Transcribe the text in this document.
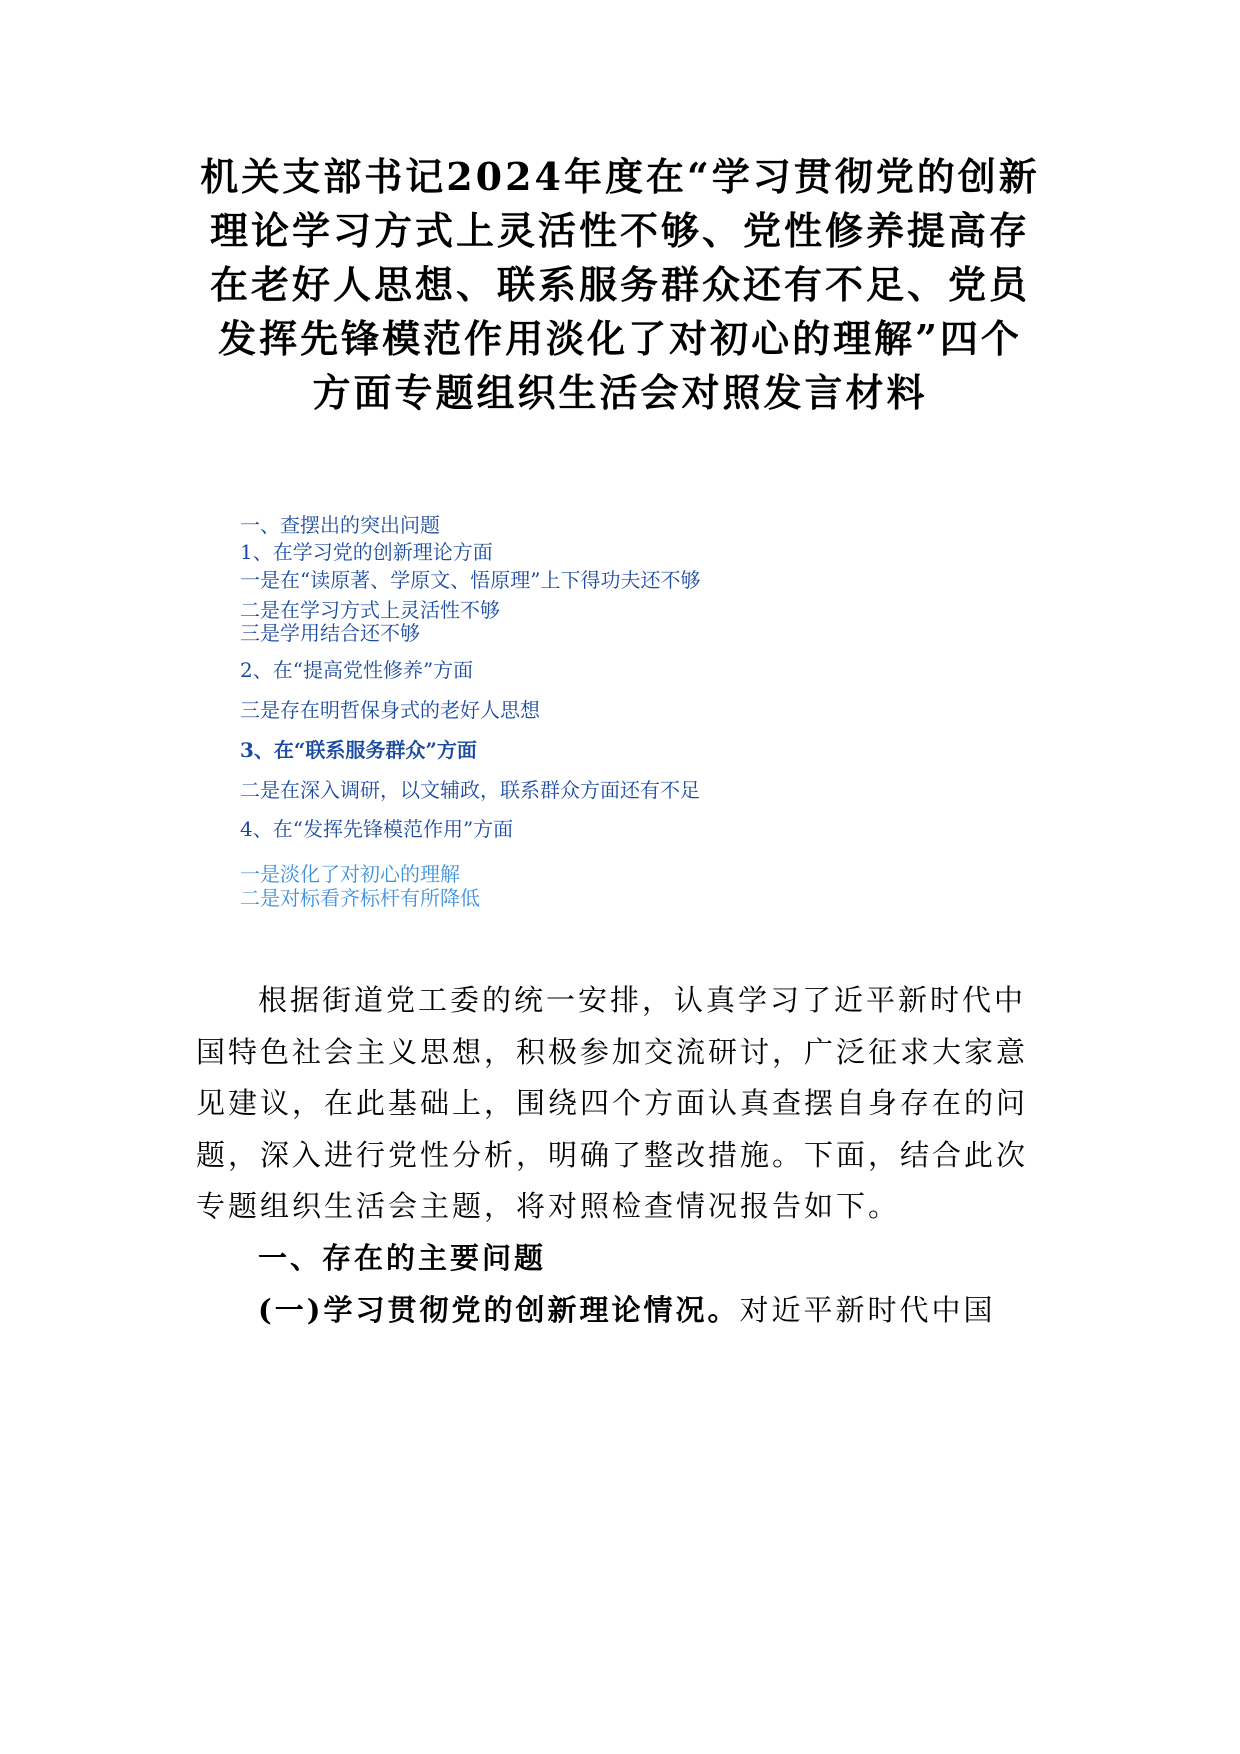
机关支部书记2024年度在“学习贯彻党的创新
理论学习方式上灵活性不够、党性修养提高存
在老好人思想、联系服务群众还有不足、党员
发挥先锋模范作用淡化了对初心的理解”四个
方面专题组织生活会对照发言材料
一、查摆出的突出问题
1、在学习党的创新理论方面
一是在“读原著、学原文、悟原理”上下得功夫还不够
二是在学习方式上灵活性不够
三是学用结合还不够
2、在“提高党性修养”方面
三是存在明哲保身式的老好人思想
3、在“联系服务群众”方面
二是在深入调研，以文辅政，联系群众方面还有不足
4、在“发挥先锋模范作用”方面
一是淡化了对初心的理解
二是对标看齐标杆有所降低
根据街道党工委的统一安排，认真学习了近平新时代中
国特色社会主义思想，积极参加交流研讨，广泛征求大家意
见建议，在此基础上，围绕四个方面认真查摆自身存在的问
题，深入进行党性分析，明确了整改措施。下面，结合此次
专题组织生活会主题，将对照检查情况报告如下。
一、存在的主要问题
(一)学习贯彻党的创新理论情况。对近平新时代中国
